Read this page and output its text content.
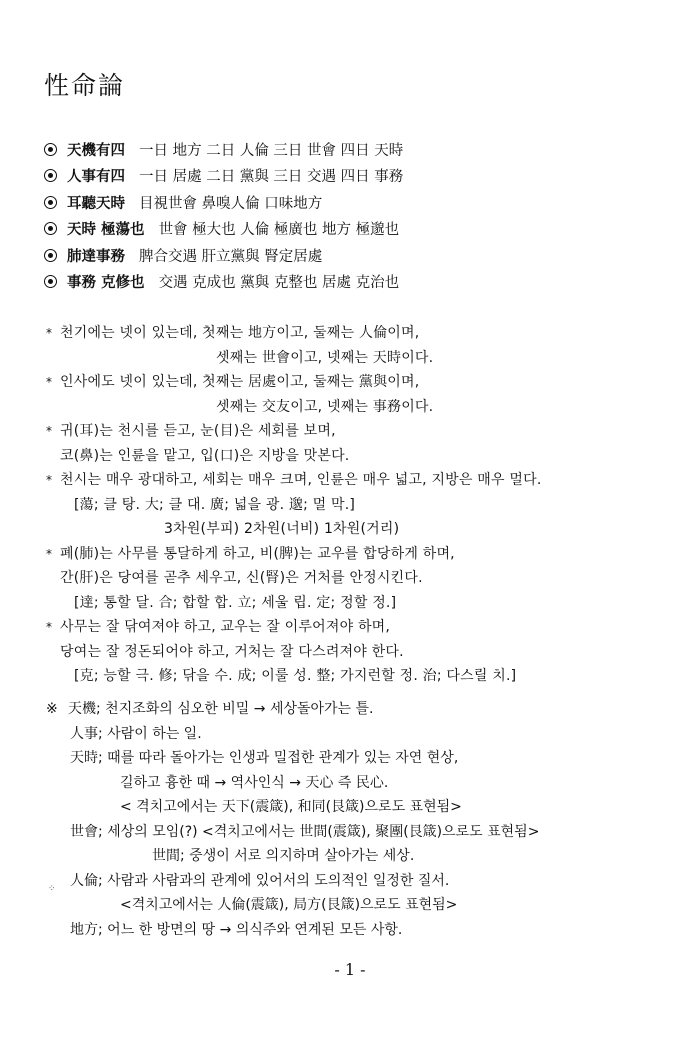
性命論
天機有四 一日 地方 二日 人倫 三日 世會 四日 天時
人事有四 一日 居處 二日 黨與 三日 交遇 四日 事務
耳聽天時 目視世會 鼻嗅人倫 口味地方
天時 極蕩也 世會 極大也 人倫 極廣也 地方 極邈也
肺達事務 脾合交遇 肝立黨與 腎定居處
事務 克修也 交遇 克成也 黨與 克整也 居處 克治也
* 천기에는 넷이 있는데, 첫째는 地方이고, 둘째는 人倫이며,
셋째는 世會이고, 넷째는 天時이다.
* 인사에도 넷이 있는데, 첫째는 居處이고, 둘째는 黨與이며,
셋째는 交友이고, 넷째는 事務이다.
* 귀(耳)는 천시를 듣고, 눈(目)은 세회를 보며,
코(鼻)는 인륜을 맡고, 입(口)은 지방을 맛본다.
* 천시는 매우 광대하고, 세회는 매우 크며, 인륜은 매우 넓고, 지방은 매우 멀다.
[蕩; 클 탕. 大; 클 대. 廣; 넓을 광. 邈; 멀 막.]
3차원(부피) 2차원(너비) 1차원(거리)
* 폐(肺)는 사무를 통달하게 하고, 비(脾)는 교우를 합당하게 하며,
간(肝)은 당여를 곧추 세우고, 신(腎)은 거처를 안정시킨다.
[達; 통할 달. 合; 합할 합. 立; 세울 립. 定; 정할 정.]
* 사무는 잘 닦여져야 하고, 교우는 잘 이루어져야 하며,
당여는 잘 정돈되어야 하고, 거처는 잘 다스려져야 한다.
[克; 능할 극. 修; 닦을 수. 成; 이룰 성. 整; 가지런할 정. 治; 다스릴 치.]
※ 天機; 천지조화의 심오한 비밀 → 세상돌아가는 틀.
人事; 사람이 하는 일.
天時; 때를 따라 돌아가는 인생과 밀접한 관계가 있는 자연 현상,
길하고 흉한 때 → 역사인식 → 天心 즉 民心.
< 격치고에서는 天下(震箴), 和同(艮箴)으로도 표현됨>
世會; 세상의 모임(?) <격치고에서는 世間(震箴), 聚團(艮箴)으로도 표현됨>
世間; 중생이 서로 의지하며 살아가는 세상.
人倫; 사람과 사람과의 관계에 있어서의 도의적인 일정한 질서.
<격치고에서는 人倫(震箴), 局方(艮箴)으로도 표현됨>
地方; 어느 한 방면의 땅 → 의식주와 연계된 모든 사항.
⁘
- 1 -
